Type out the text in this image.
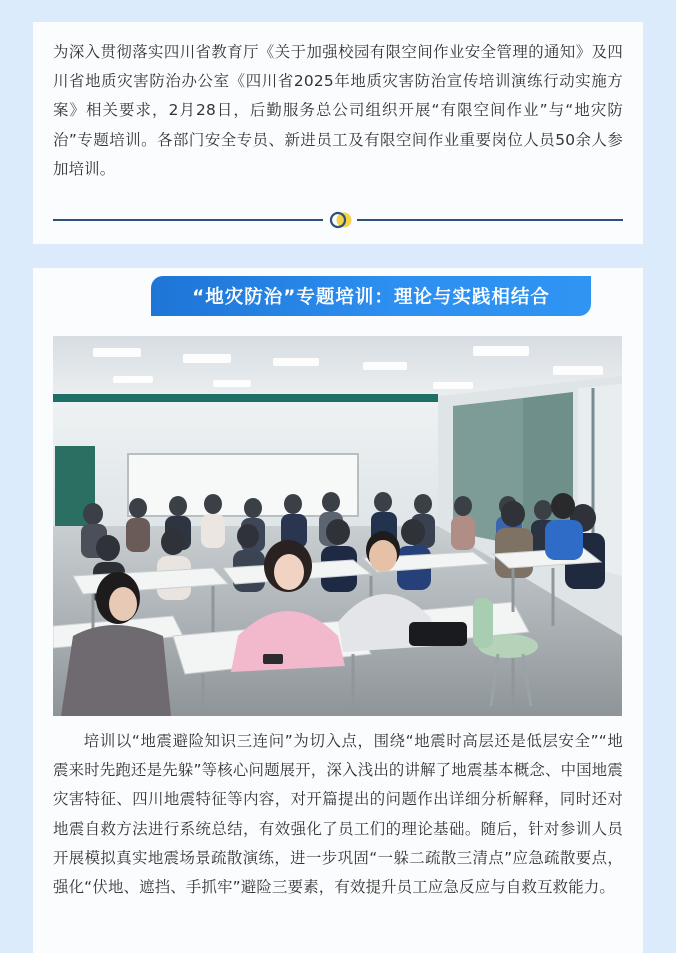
为深入贯彻落实四川省教育厅《关于加强校园有限空间作业安全管理的通知》及四川省地质灾害防治办公室《四川省2025年地质灾害防治宣传培训演练行动实施方案》相关要求，2月28日，后勤服务总公司组织开展“有限空间作业”与“地灾防治”专题培训。各部门安全专员、新进员工及有限空间作业重要岗位人员50余人参加培训。

“地灾防治”专题培训：理论与实践相结合

培训以“地震避险知识三连问”为切入点，围绕“地震时高层还是低层安全”“地震来时先跑还是先躲”等核心问题展开，深入浅出的讲解了地震基本概念、中国地震灾害特征、四川地震特征等内容，对开篇提出的问题作出详细分析解释，同时还对地震自救方法进行系统总结，有效强化了员工们的理论基础。随后，针对参训人员开展模拟真实地震场景疏散演练，进一步巩固“一躲二疏散三清点”应急疏散要点，强化“伏地、遮挡、手抓牢”避险三要素，有效提升员工应急反应与自救互救能力。
